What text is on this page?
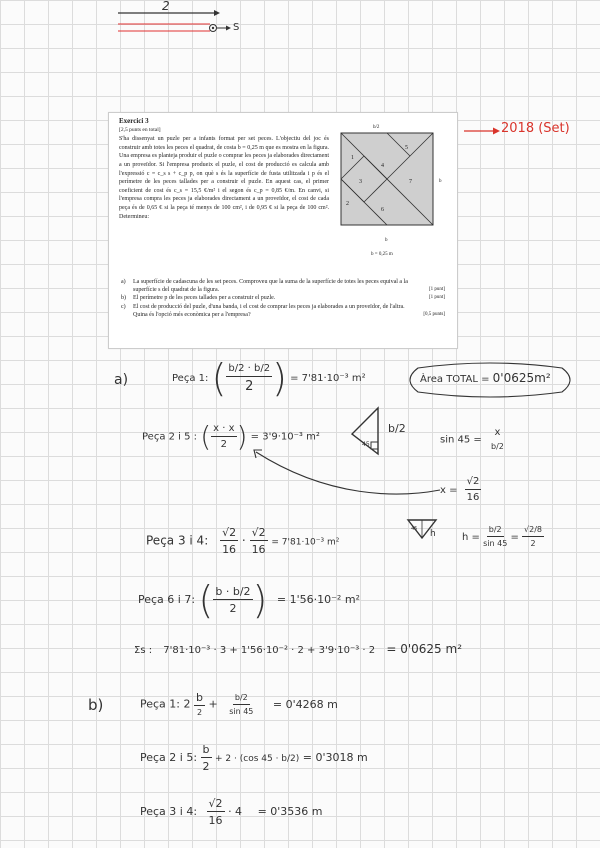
2
S
Exercici 3
[2,5 punts en total]
S'ha dissenyat un puzle per a infants format per set peces. L'objectiu del joc és construir amb totes les peces el quadrat, de costa b = 0,25 m que es mostra en la figura. Una empresa es planteja produir el puzle o comprar les peces ja elaborades directament a un proveïdor. Si l'empresa produeix el puzle, el cost de producció es calcula amb l'expressió c = c_s s + c_p p, on què s és la superfície de fusta utilitzada i p és el perímetre de les peces tallades per a construir el puzle. En aquest cas, el primer coeficient de cost és c_s = 15,5 €/m² i el segon és c_p = 0,85 €/m. En canvi, si l'empresa compra les peces ja elaborades directament a un proveïdor, el cost de cada peça és de 0,65 € si la peça té menys de 100 cm², i de 0,95 € si la peça de 100 cm². Determineu:
1
2
3
4
5
6
7
b/2
b
b
b = 0,25 m
a) La superfície de cadascuna de les set peces. Comproveu que la suma de la superfície de totes les peces equival a la superfície s del quadrat de la figura.	[1 punt]
b) El perímetre p de les peces tallades per a construir el puzle.	[1 punt]
c) El cost de producció del puzle, d'una banda, i el cost de comprar les peces ja elaborades a un proveïdor, de l'altra. Quina és l'opció més econòmica per a l'empresa?	[0,5 punts]
2018 (Set)
a)	Peça 1: ( $\frac{b/2 \cdot b/2}{2}$ ) = 7'81·10⁻³ m²	Àrea TOTAL = 0'0625m²
Peça 2 i 5 : ( $\frac{x \cdot x}{2}$ ) = 3'9·10⁻³ m²
45
b/2
sin 45 =
x
b/2
$x = \frac{√2}{16}$
Peça 3 i 4: $\frac{√2}{16} \cdot \frac{√2}{16} = 7'81\cdot 10^{-3}$ m²
45 h	$h = \frac{b/2}{\sin 45} = \frac{√2/8}{2}$
Peça 6 i 7: ( $\frac{b \cdot b/2}{2}$ ) = 1'56·10⁻² m²
Σs : 7'81·10⁻³ · 3 + 1'56·10⁻² · 2 + 3'9·10⁻³ · 2 = 0'0625 m²
b)	Peça 1: $2 \frac{b}{2} + \frac{b/2}{\sin 45} = 0'4268$ m
Peça 2 i 5: $\frac{b}{2} + 2 \cdot (\cos$ 45 · b/2) = 0'3018 m
Peça 3 i 4: $\frac{√2}{16} \cdot 4 = 0'3536$ m
